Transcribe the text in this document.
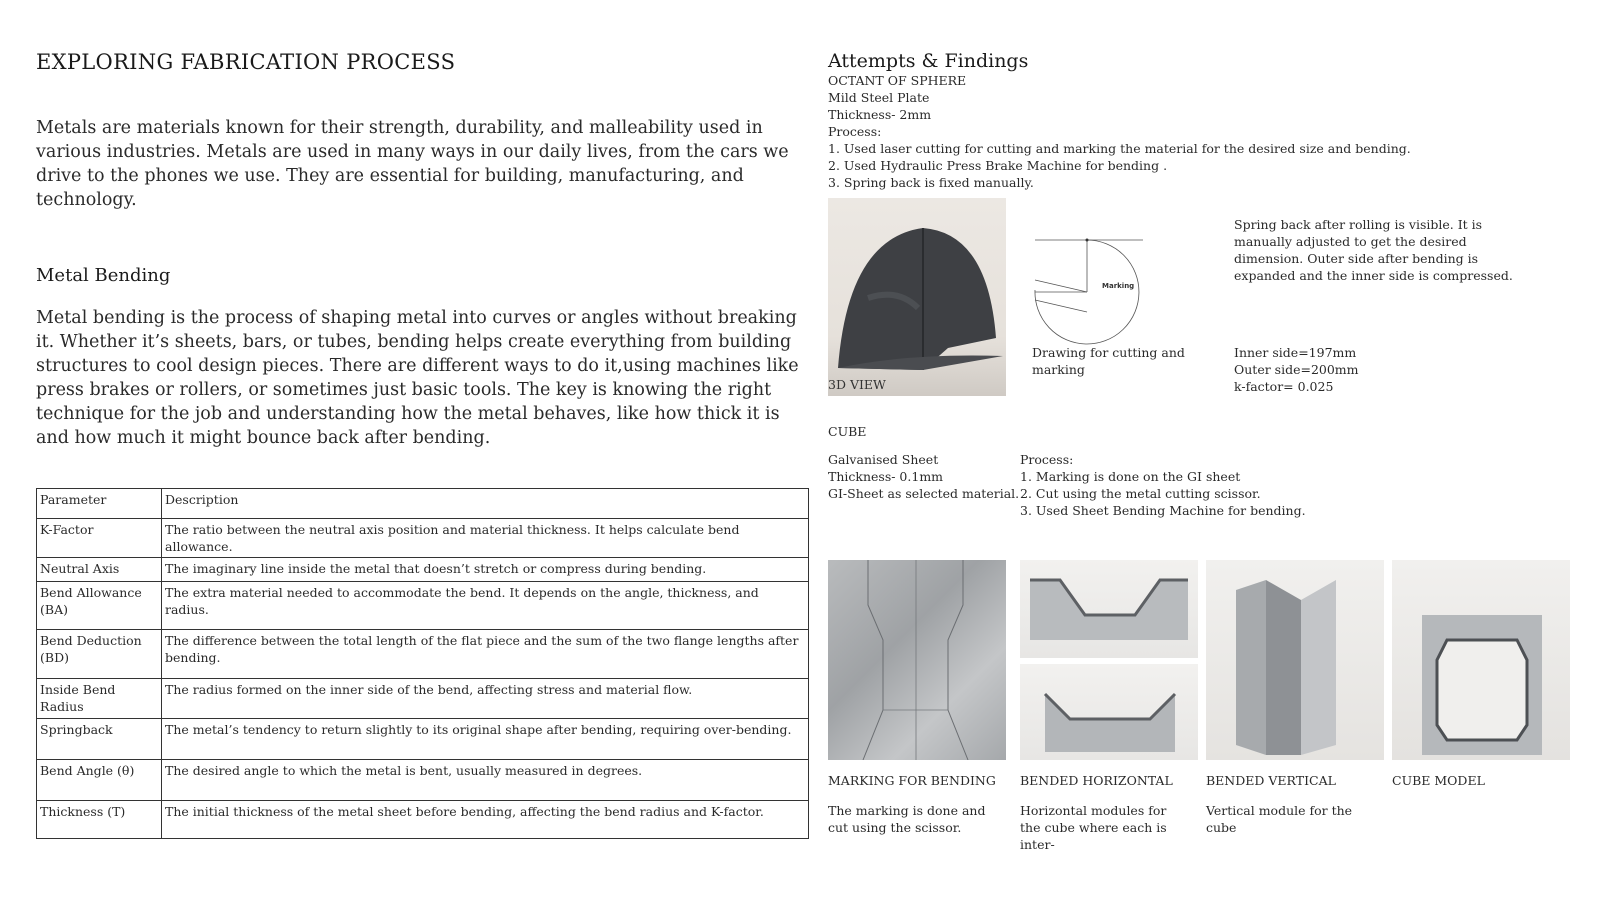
EXPLORING FABRICATION PROCESS
Metals are materials known for their strength, durability, and malleability used in various industries. Metals are used in many ways in our daily lives, from the cars we drive to the phones we use. They are essential for building, manufacturing, and technology.
Metal Bending
Metal bending is the process of shaping metal into curves or angles without breaking it. Whether it’s sheets, bars, or tubes, bending helps create everything from building structures to cool design pieces. There are different ways to do it,using machines like press brakes or rollers, or sometimes just basic tools. The key is knowing the right technique for the job and understanding how the metal behaves, like how thick it is and how much it might bounce back after bending.
Parameter	Description
K-Factor	The ratio between the neutral axis position and material thickness. It helps calculate bend allowance.
Neutral Axis	The imaginary line inside the metal that doesn’t stretch or compress during bending.
Bend Allowance (BA)	The extra material needed to accommodate the bend. It depends on the angle, thickness, and radius.
Bend Deduction (BD)	The difference between the total length of the flat piece and the sum of the two flange lengths after bending.
Inside Bend Radius	The radius formed on the inner side of the bend, affecting stress and material flow.
Springback	The metal’s tendency to return slightly to its original shape after bending, requiring over-bending.
Bend Angle (θ)	The desired angle to which the metal is bent, usually measured in degrees.
Thickness (T)	The initial thickness of the metal sheet before bending, affecting the bend radius and K-factor.
Attempts & Findings
OCTANT OF SPHERE
Mild Steel Plate
Thickness- 2mm
Process:
1. Used laser cutting for cutting and marking the material for the desired size and bending.
2. Used Hydraulic Press Brake Machine for bending .
3. Spring back is fixed manually.
3D VIEW
Marking
Drawing for cutting and marking
Spring back after rolling is visible. It is manually adjusted to get the desired dimension. Outer side after bending is expanded and the inner side is compressed.
Inner side=197mm
Outer side=200mm
k-factor= 0.025
CUBE
Galvanised Sheet
Thickness- 0.1mm
GI-Sheet as selected material.
Process:
1. Marking is done on the GI sheet
2. Cut using the metal cutting scissor.
3. Used Sheet Bending Machine for bending.
MARKING FOR BENDING BENDED HORIZONTAL	BENDED VERTICAL	CUBE MODEL
The marking is done and cut using the scissor.
Horizontal modules for the cube where each is inter-
Vertical module for the cube
